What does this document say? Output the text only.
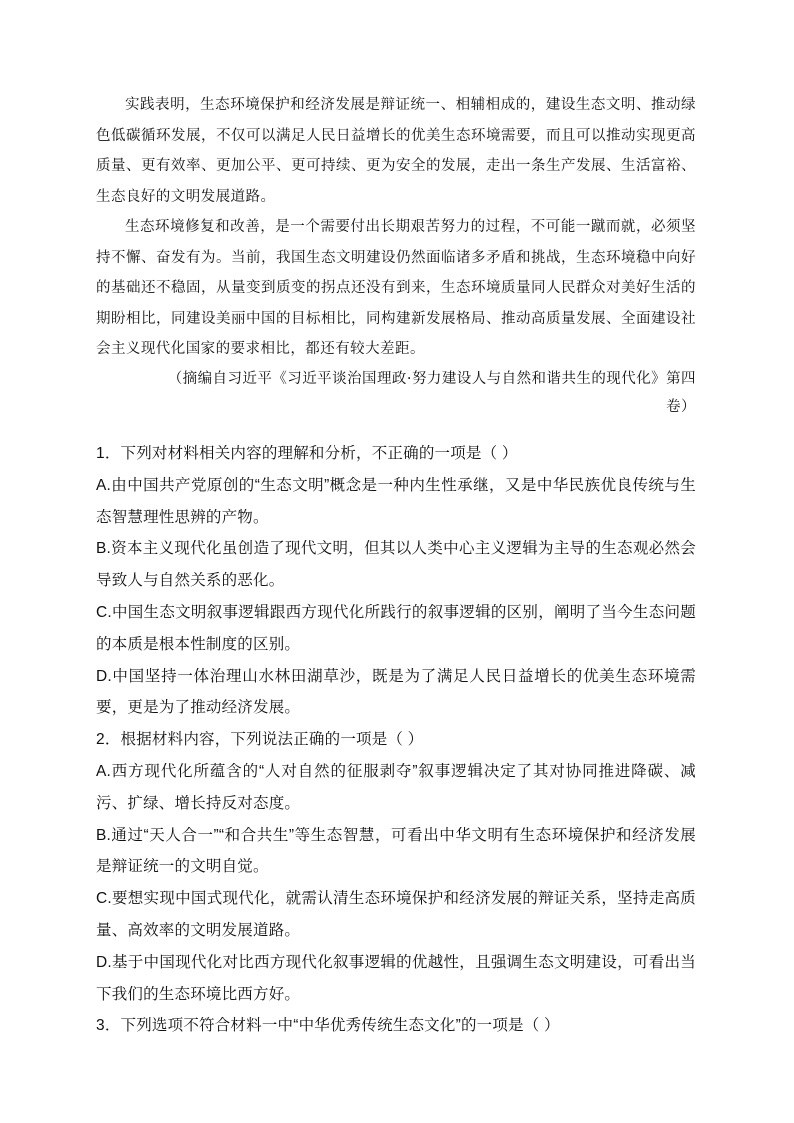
实践表明，生态环境保护和经济发展是辩证统一、相辅相成的，建设生态文明、推动绿色低碳循环发展，不仅可以满足人民日益增长的优美生态环境需要，而且可以推动实现更高质量、更有效率、更加公平、更可持续、更为安全的发展，走出一条生产发展、生活富裕、生态良好的文明发展道路。

生态环境修复和改善，是一个需要付出长期艰苦努力的过程，不可能一蹴而就，必须坚持不懈、奋发有为。当前，我国生态文明建设仍然面临诸多矛盾和挑战，生态环境稳中向好的基础还不稳固，从量变到质变的拐点还没有到来，生态环境质量同人民群众对美好生活的期盼相比，同建设美丽中国的目标相比，同构建新发展格局、推动高质量发展、全面建设社会主义现代化国家的要求相比，都还有较大差距。

（摘编自习近平《习近平谈治国理政·努力建设人与自然和谐共生的现代化》第四卷）

1．下列对材料相关内容的理解和分析，不正确的一项是（ ）

A.由中国共产党原创的“生态文明”概念是一种内生性承继，又是中华民族优良传统与生态智慧理性思辨的产物。

B.资本主义现代化虽创造了现代文明，但其以人类中心主义逻辑为主导的生态观必然会导致人与自然关系的恶化。

C.中国生态文明叙事逻辑跟西方现代化所践行的叙事逻辑的区别，阐明了当今生态问题的本质是根本性制度的区别。

D.中国坚持一体治理山水林田湖草沙，既是为了满足人民日益增长的优美生态环境需要，更是为了推动经济发展。

2．根据材料内容，下列说法正确的一项是（ ）

A.西方现代化所蕴含的“人对自然的征服剥夺”叙事逻辑决定了其对协同推进降碳、减污、扩绿、增长持反对态度。

B.通过“天人合一”“和合共生”等生态智慧，可看出中华文明有生态环境保护和经济发展是辩证统一的文明自觉。

C.要想实现中国式现代化，就需认清生态环境保护和经济发展的辩证关系，坚持走高质量、高效率的文明发展道路。

D.基于中国现代化对比西方现代化叙事逻辑的优越性，且强调生态文明建设，可看出当下我们的生态环境比西方好。

3．下列选项不符合材料一中“中华优秀传统生态文化”的一项是（ ）
